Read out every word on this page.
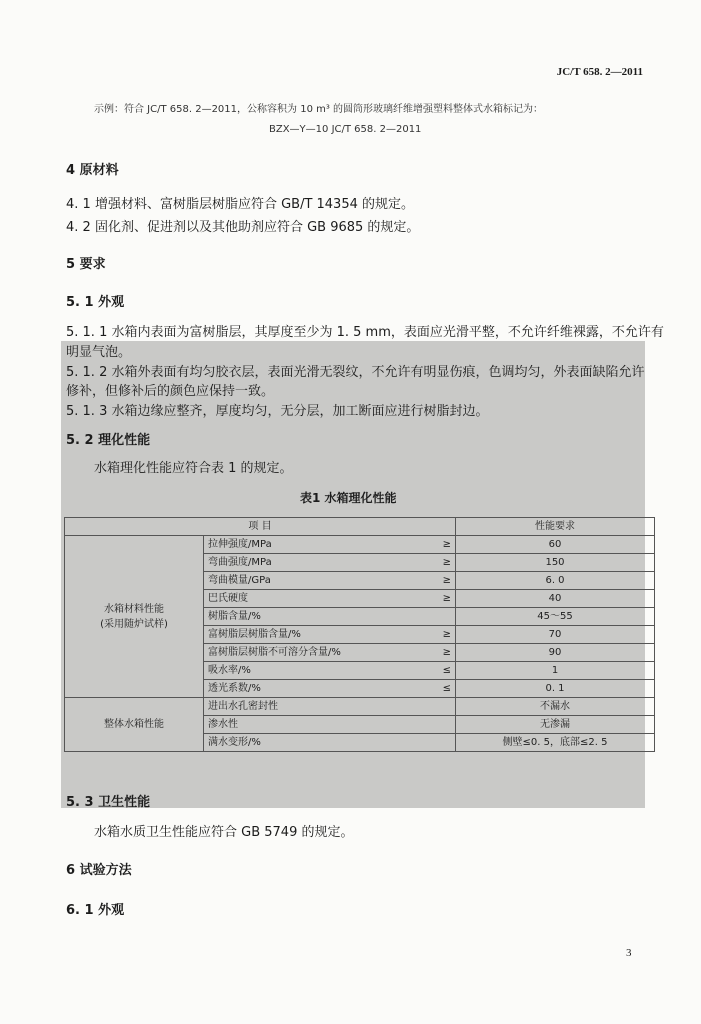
JC/T 658. 2—2011
示例：符合 JC/T 658. 2—2011，公称容积为 10 m³ 的圆筒形玻璃纤维增强塑料整体式水箱标记为：
BZX—Y—10 JC/T 658. 2—2011
4 原材料
4. 1 增强材料、富树脂层树脂应符合 GB/T 14354 的规定。
4. 2 固化剂、促进剂以及其他助剂应符合 GB 9685 的规定。
5 要求
5. 1 外观
5. 1. 1 水箱内表面为富树脂层，其厚度至少为 1. 5 mm，表面应光滑平整，不允许纤维裸露，不允许有
明显气泡。
5. 1. 2 水箱外表面有均匀胶衣层，表面光滑无裂纹，不允许有明显伤痕，色调均匀，外表面缺陷允许
修补，但修补后的颜色应保持一致。
5. 1. 3 水箱边缘应整齐，厚度均匀，无分层，加工断面应进行树脂封边。
5. 2 理化性能
水箱理化性能应符合表 1 的规定。
表1 水箱理化性能
项 目			性能要求
水箱材料性能
(采用随炉试样)	拉伸强度/MPa	≥	60
	弯曲强度/MPa	≥	150
	弯曲模量/GPa	≥	6. 0
	巴氏硬度	≥	40
	树脂含量/%		45～55
	富树脂层树脂含量/%	≥	70
	富树脂层树脂不可溶分含量/%	≥	90
	吸水率/%	≤	1
	透光系数/%	≤	0. 1
整体水箱性能	进出水孔密封性		不漏水
	渗水性		无渗漏
	满水变形/%		侧壁≤0. 5，底部≤2. 5
5. 3 卫生性能
水箱水质卫生性能应符合 GB 5749 的规定。
6 试验方法
6. 1 外观
3
